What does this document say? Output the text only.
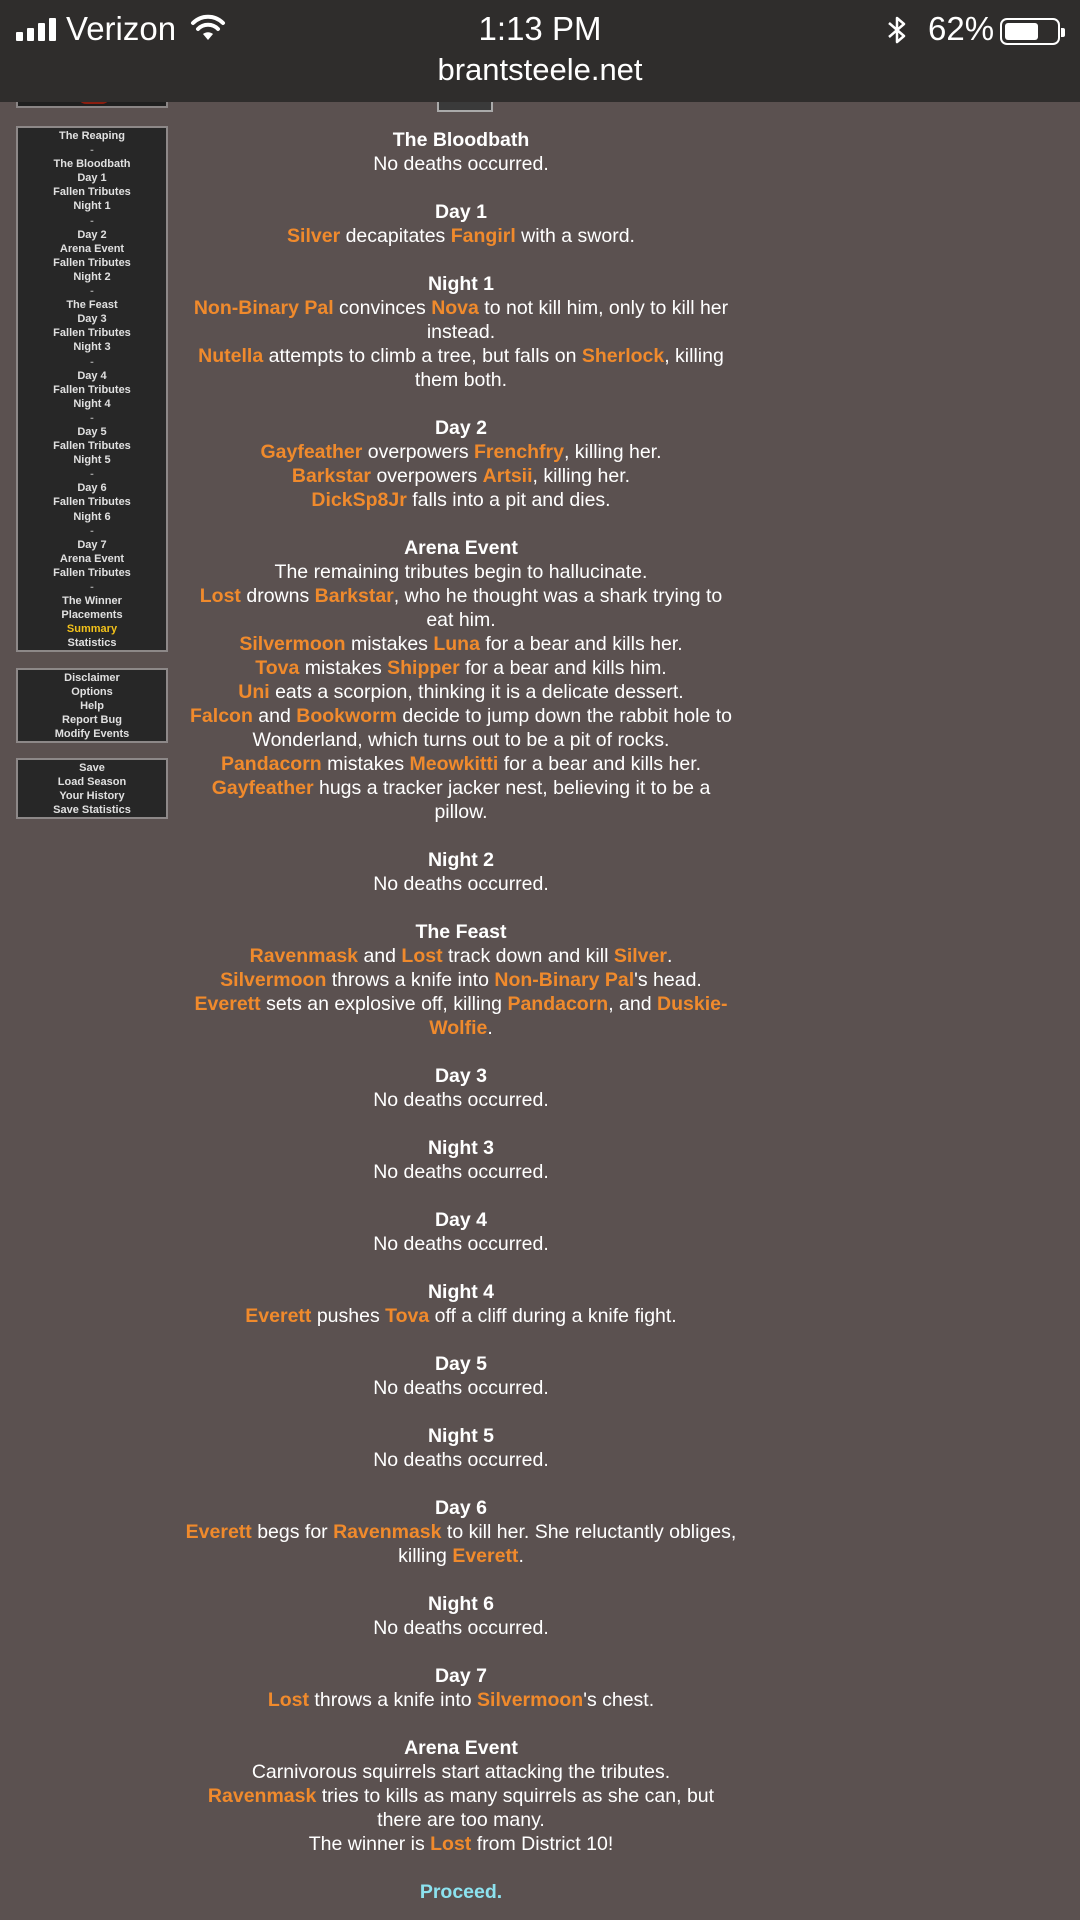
Verizon	1:13 PM	62%
brantsteele.net
The Reaping
-
The Bloodbath
Day 1
Fallen Tributes
Night 1
-
Day 2
Arena Event
Fallen Tributes
Night 2
-
The Feast
Day 3
Fallen Tributes
Night 3
-
Day 4
Fallen Tributes
Night 4
-
Day 5
Fallen Tributes
Night 5
-
Day 6
Fallen Tributes
Night 6
-
Day 7
Arena Event
Fallen Tributes
-
The Winner
Placements
Summary
Statistics
Disclaimer
Options
Help
Report Bug
Modify Events
Save
Load Season
Your History
Save Statistics
The Bloodbath

No deaths occurred.

Day 1

Silver decapitates Fangirl with a sword.

Night 1

Non-Binary Pal convinces Nova to not kill him, only to kill her instead.

Nutella attempts to climb a tree, but falls on Sherlock, killing them both.

Day 2

Gayfeather overpowers Frenchfry, killing her.

Barkstar overpowers Artsii, killing her.

DickSp8Jr falls into a pit and dies.

Arena Event

The remaining tributes begin to hallucinate.

Lost drowns Barkstar, who he thought was a shark trying to eat him.

Silvermoon mistakes Luna for a bear and kills her.

Tova mistakes Shipper for a bear and kills him.

Uni eats a scorpion, thinking it is a delicate dessert.

Falcon and Bookworm decide to jump down the rabbit hole to Wonderland, which turns out to be a pit of rocks.

Pandacorn mistakes Meowkitti for a bear and kills her.

Gayfeather hugs a tracker jacker nest, believing it to be a pillow.

Night 2

No deaths occurred.

The Feast

Ravenmask and Lost track down and kill Silver.

Silvermoon throws a knife into Non-Binary Pal's head.

Everett sets an explosive off, killing Pandacorn, and Duskie-Wolfie.

Day 3

No deaths occurred.

Night 3

No deaths occurred.

Day 4

No deaths occurred.

Night 4

Everett pushes Tova off a cliff during a knife fight.

Day 5

No deaths occurred.

Night 5

No deaths occurred.

Day 6

Everett begs for Ravenmask to kill her. She reluctantly obliges, killing Everett.

Night 6

No deaths occurred.

Day 7

Lost throws a knife into Silvermoon's chest.

Arena Event

Carnivorous squirrels start attacking the tributes.

Ravenmask tries to kills as many squirrels as she can, but there are too many.

The winner is Lost from District 10!

Proceed.
